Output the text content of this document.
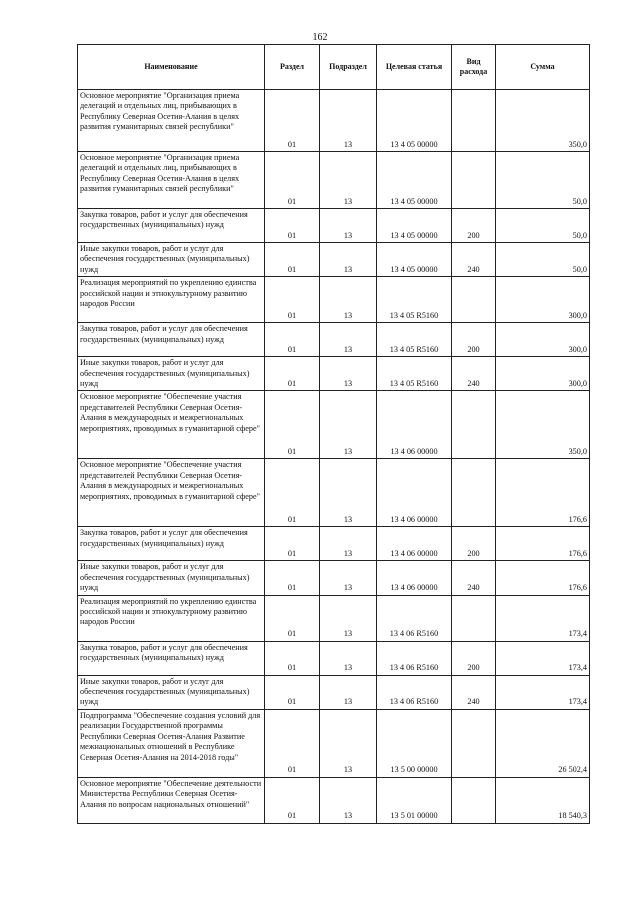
162
Наименование	Раздел	Подраздел	Целевая статья	Вид расхода	Сумма
Основное мероприятие "Организация приема делегаций и отдельных лиц, прибывающих в Республику Северная Осетия-Алания в целях развития гуманитарных связей республики"	01	13	13 4 05 00000		350,0
Основное мероприятие "Организация приема делегаций и отдельных лиц, прибывающих в Республику Северная Осетия-Алания в целях развития гуманитарных связей республики"	01	13	13 4 05 00000		50,0
Закупка товаров, работ и услуг для обеспечения государственных (муниципальных) нужд	01	13	13 4 05 00000	200	50,0
Иные закупки товаров, работ и услуг для обеспечения государственных (муниципальных) нужд	01	13	13 4 05 00000	240	50,0
Реализация мероприятий по укреплению единства российской нации и этнокультурному развитию народов России	01	13	13 4 05 R5160		300,0
Закупка товаров, работ и услуг для обеспечения государственных (муниципальных) нужд	01	13	13 4 05 R5160	200	300,0
Иные закупки товаров, работ и услуг для обеспечения государственных (муниципальных) нужд	01	13	13 4 05 R5160	240	300,0
Основное мероприятие "Обеспечение участия представителей Республики Северная Осетия-Алания в международных и межрегиональных мероприятиях, проводимых в гуманитарной сфере"	01	13	13 4 06 00000		350,0
Основное мероприятие "Обеспечение участия представителей Республики Северная Осетия-Алания в международных и межрегиональных мероприятиях, проводимых в гуманитарной сфере"	01	13	13 4 06 00000		176,6
Закупка товаров, работ и услуг для обеспечения государственных (муниципальных) нужд	01	13	13 4 06 00000	200	176,6
Иные закупки товаров, работ и услуг для обеспечения государственных (муниципальных) нужд	01	13	13 4 06 00000	240	176,6
Реализация мероприятий по укреплению единства российской нации и этнокультурному развитию народов России	01	13	13 4 06 R5160		173,4
Закупка товаров, работ и услуг для обеспечения государственных (муниципальных) нужд	01	13	13 4 06 R5160	200	173,4
Иные закупки товаров, работ и услуг для обеспечения государственных (муниципальных) нужд	01	13	13 4 06 R5160	240	173,4
Подпрограмма "Обеспечение создания условий для реализации Государственной программы Республики Северная Осетия-Алания Развитие межнациональных отношений в Республике Северная Осетия-Алания на 2014-2018 годы"	01	13	13 5 00 00000		26 502,4
Основное мероприятие "Обеспечение деятельности Министерства Республики Северная Осетия-Алания по вопросам национальных отношений"	01	13	13 5 01 00000		18 540,3
